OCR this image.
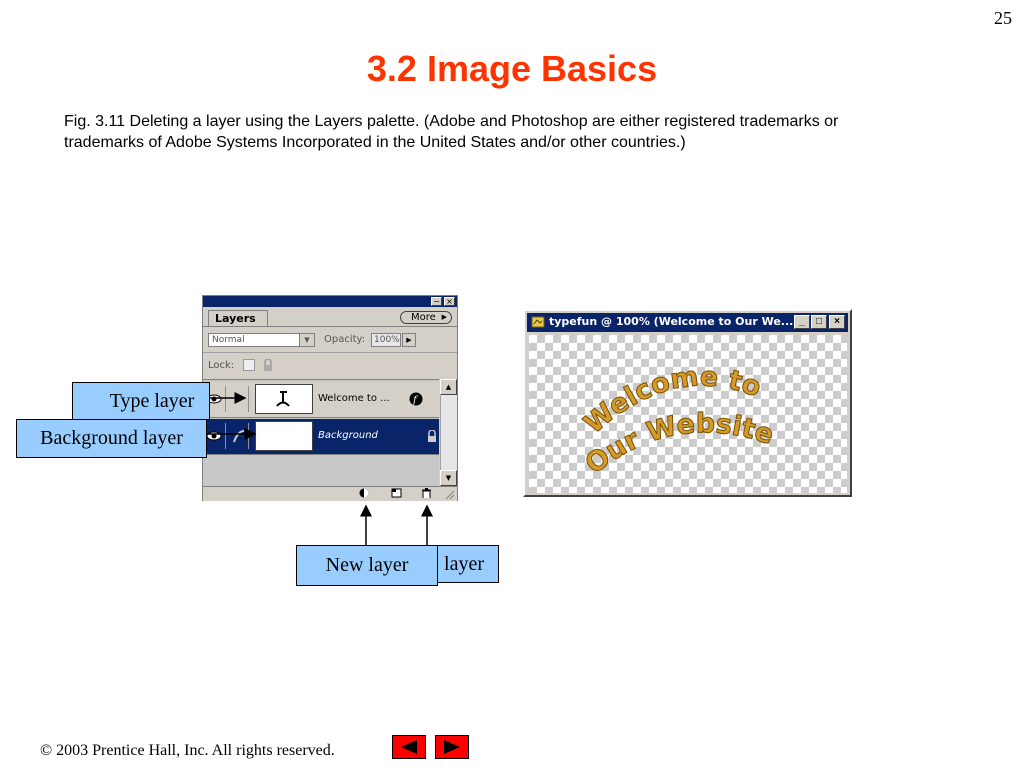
25
3.2 Image Basics
Fig. 3.11 Deleting a layer using the Layers palette. (Adobe and Photoshop are either registered trademarks or trademarks of Adobe Systems Incorporated in the United States and/or other countries.)
− ×
Layers	More ▶
Normal	▼	Opacity: 100% ▶
Lock:
Welcome to ... f
Background
▲
▼
typefun @ 100% (Welcome to Our We... _	□	×
Welcome to
Our Website
layer
New layer
Type layer
Background layer
© 2003 Prentice Hall, Inc. All rights reserved.
